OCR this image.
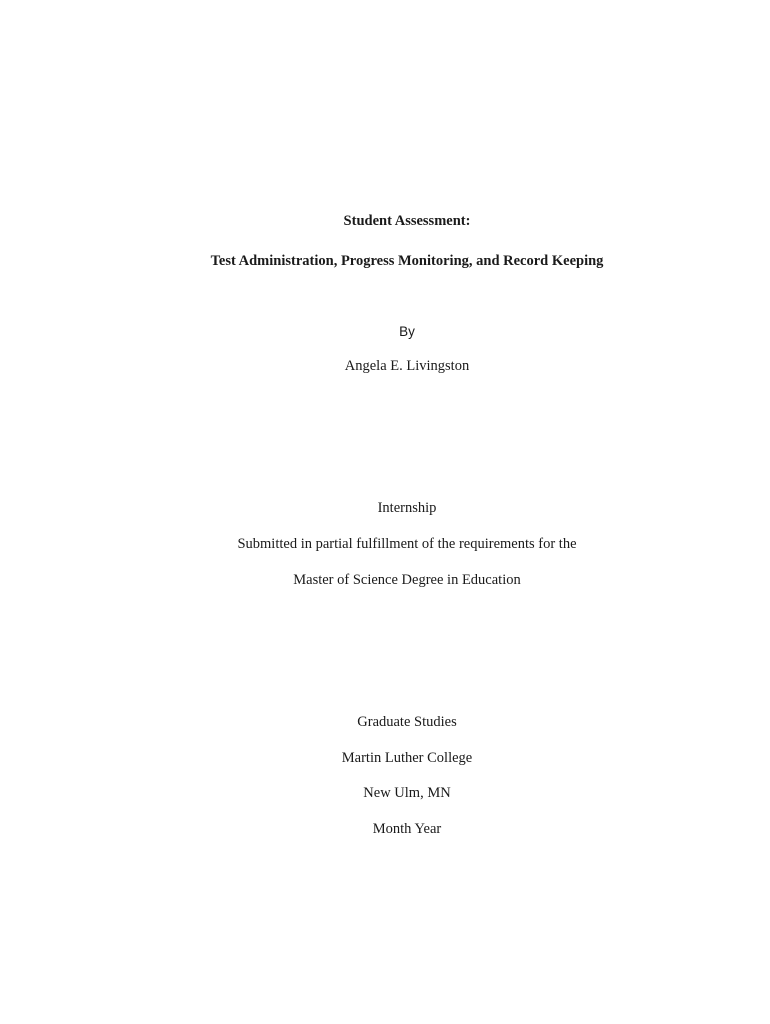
Student Assessment:
Test Administration, Progress Monitoring, and Record Keeping
By
Angela E. Livingston
Internship
Submitted in partial fulfillment of the requirements for the
Master of Science Degree in Education
Graduate Studies
Martin Luther College
New Ulm, MN
Month Year
